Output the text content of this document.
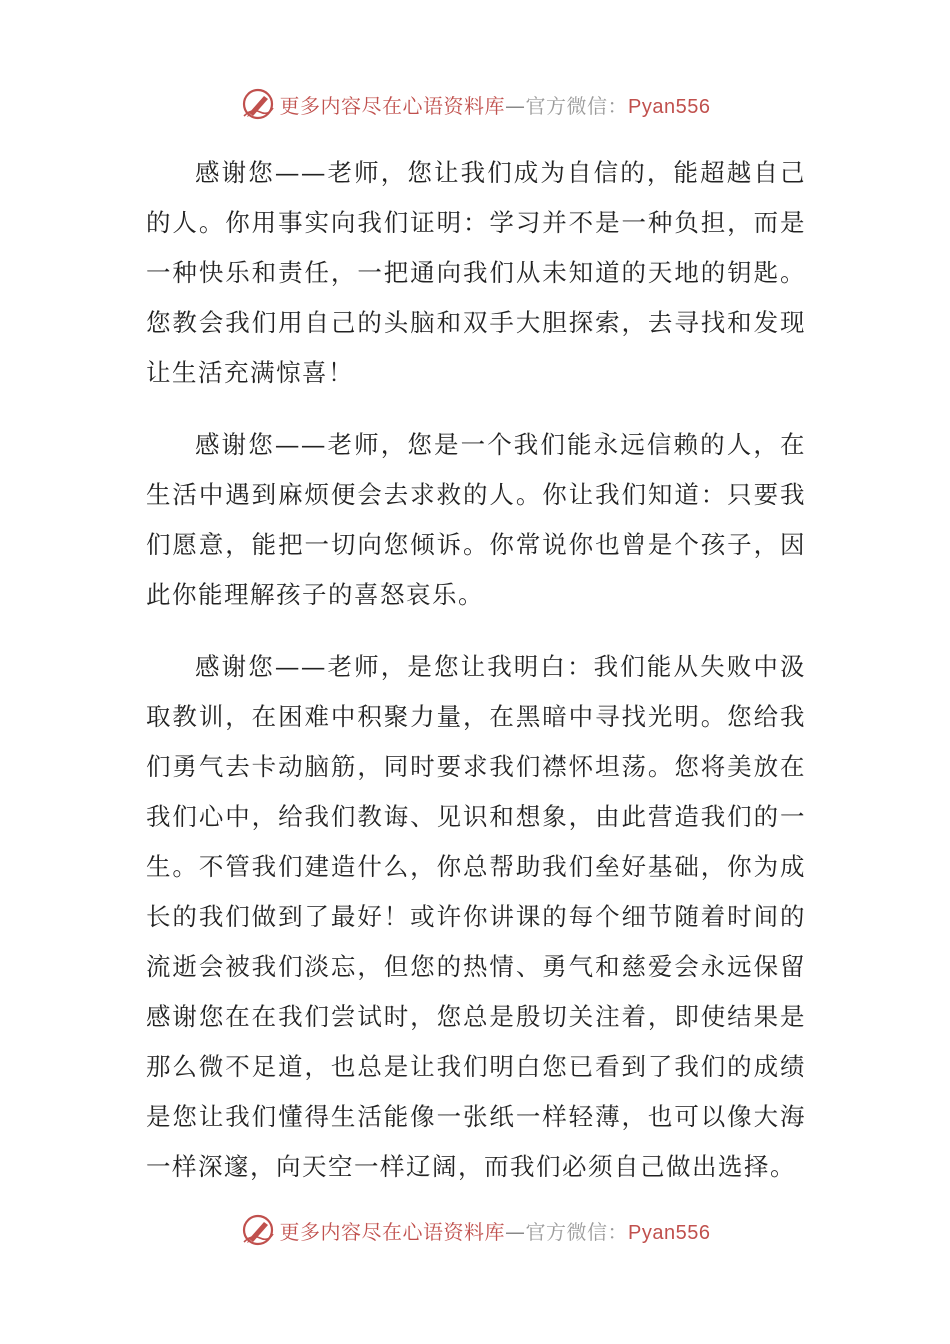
更多内容尽在心语资料库—官方微信：Pyan556

感谢您——老师，您让我们成为自信的，能超越自己的人。你用事实向我们证明：学习并不是一种负担，而是一种快乐和责任，一把通向我们从未知道的天地的钥匙。您教会我们用自己的头脑和双手大胆探索，去寻找和发现让生活充满惊喜！

感谢您——老师，您是一个我们能永远信赖的人，在生活中遇到麻烦便会去求救的人。你让我们知道：只要我们愿意，能把一切向您倾诉。你常说你也曾是个孩子，因此你能理解孩子的喜怒哀乐。

感谢您——老师，是您让我明白：我们能从失败中汲取教训，在困难中积聚力量，在黑暗中寻找光明。您给我们勇气去卡动脑筋，同时要求我们襟怀坦荡。您将美放在我们心中，给我们教诲、见识和想象，由此营造我们的一生。不管我们建造什么，你总帮助我们垒好基础，你为成长的我们做到了最好！或许你讲课的每个细节随着时间的流逝会被我们淡忘，但您的热情、勇气和慈爱会永远保留感谢您在在我们尝试时，您总是殷切关注着，即使结果是那么微不足道，也总是让我们明白您已看到了我们的成绩是您让我们懂得生活能像一张纸一样轻薄，也可以像大海一样深邃，向天空一样辽阔，而我们必须自己做出选择。

更多内容尽在心语资料库—官方微信：Pyan556
